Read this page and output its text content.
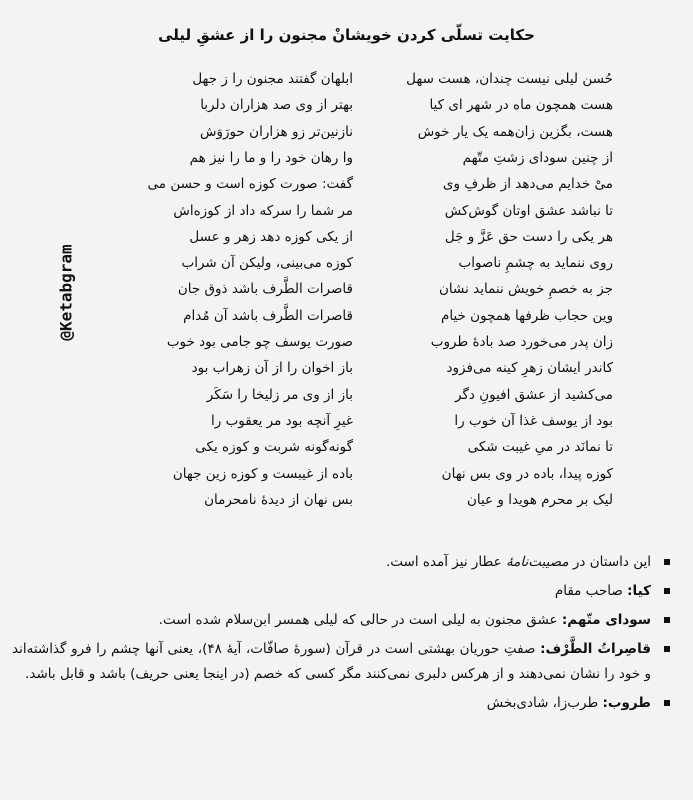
حکایت تسلّی کردن خویشانْ مجنون را از عشقِ لیلی
ابلهان گفتند مجنون را ز جهل	حُسن لیلی نیست چندان، هست سهل
بهتر از وی صد هزاران دلربا	هست همچون ماه در شهر ای کیا
نازنین‌تر زو هزاران حورَوَش	هست، بگزین زان‌همه یک یار خوش
وا رهان خود را و ما را نیز هم	از چنین سودای زشتِ متّهم
گفت: صورت کوزه است و حسن می	میْ خدایم می‌دهد از ظرفِ وی
مر شما را سرکه داد از کوزه‌اش	تا نباشد عشق اوتان گوش‌کش
از یکی کوزه دهد زهر و عسل	هر یکی را دست حق عَزَّ و جَل
کوزه می‌بینی، ولیکن آن شراب	روی ننماید به چشمِ ناصواب
قاصرات الطَّرف باشد ذوق جان	جز به خصمِ خویش ننماید نشان
قاصرات الطَّرف باشد آن مُدام	وین حجاب ظرفها همچون خیام
صورت یوسف چو جامی بود خوب	زان پدر می‌خورد صد بادهٔ طروب
باز اخوان را از آن زهراب بود	کاندر ایشان زهرِ کینه می‌فزود
باز از وی مر زلیخا را سَکَر	می‌کشید از عشق افیونِ دگر
غیرِ آنچه بود مر یعقوب را	بود از یوسف غذا آن خوب را
گونه‌گونه شربت و کوزه یکی	تا نمانَد در میِ غیبت شکی
باده از غیبست و کوزه زین جهان	کوزه پیدا، باده در وی بس نهان
بس نهان از دیدهٔ نامحرمان	لیک بر محرم هویدا و عیان
@Ketabgram
این داستان در مصیبت‌نامهٔ عطار نیز آمده است.
کیا: صاحب مقام
سودای متّهم: عشق مجنون به لیلی است در حالی که لیلی همسر ابن‌سلام شده است.
قاصِراتُ الطَّرْف: صفتِ حوریان بهشتی است در قرآن (سورهٔ صافّات، آیهٔ ۴۸)، یعنی آنها چشم را فرو گذاشته‌اند و خود را نشان نمی‌دهند و از هرکس دلبری نمی‌کنند مگر کسی که خصم (در اینجا یعنی حریف) باشد و قابل باشد.
طروب: طرب‌زا، شادی‌بخش
